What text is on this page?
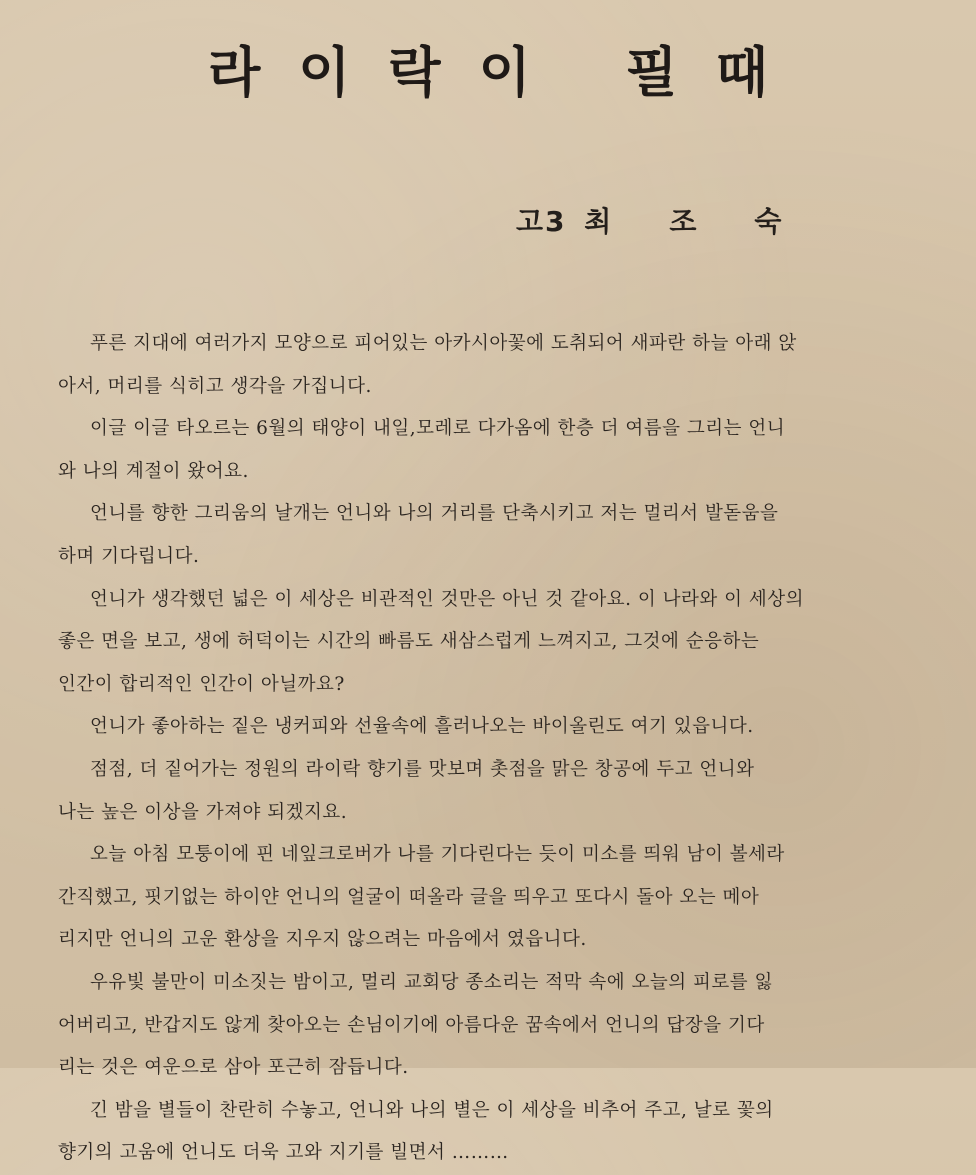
라이락이 필때
고3 최조숙
푸른 지대에 여러가지 모양으로 피어있는 아카시아꽃에 도취되어 새파란 하늘 아래 앉
아서, 머리를 식히고 생각을 가집니다.
이글 이글 타오르는 6월의 태양이 내일,모레로 다가옴에 한층 더 여름을 그리는 언니
와 나의 계절이 왔어요.
언니를 향한 그리움의 날개는 언니와 나의 거리를 단축시키고 저는 멀리서 발돋움을
하며 기다립니다.
언니가 생각했던 넓은 이 세상은 비관적인 것만은 아닌 것 같아요. 이 나라와 이 세상의
좋은 면을 보고, 생에 허덕이는 시간의 빠름도 새삼스럽게 느껴지고, 그것에 순응하는
인간이 합리적인 인간이 아닐까요?
언니가 좋아하는 짙은 냉커피와 선율속에 흘러나오는 바이올린도 여기 있읍니다.
점점, 더 짙어가는 정원의 라이락 향기를 맛보며 촛점을 맑은 창공에 두고 언니와
나는 높은 이상을 가져야 되겠지요.
오늘 아침 모퉁이에 핀 네잎크로버가 나를 기다린다는 듯이 미소를 띄워 남이 볼세라
간직했고, 핏기없는 하이얀 언니의 얼굴이 떠올라 글을 띄우고 또다시 돌아 오는 메아
리지만 언니의 고운 환상을 지우지 않으려는 마음에서 였읍니다.
우유빛 불만이 미소짓는 밤이고, 멀리 교회당 종소리는 적막 속에 오늘의 피로를 잃
어버리고, 반갑지도 않게 찾아오는 손님이기에 아름다운 꿈속에서 언니의 답장을 기다
리는 것은 여운으로 삼아 포근히 잠듭니다.
긴 밤을 별들이 찬란히 수놓고, 언니와 나의 별은 이 세상을 비추어 주고, 날로 꽃의
향기의 고움에 언니도 더욱 고와 지기를 빌면서 ………
